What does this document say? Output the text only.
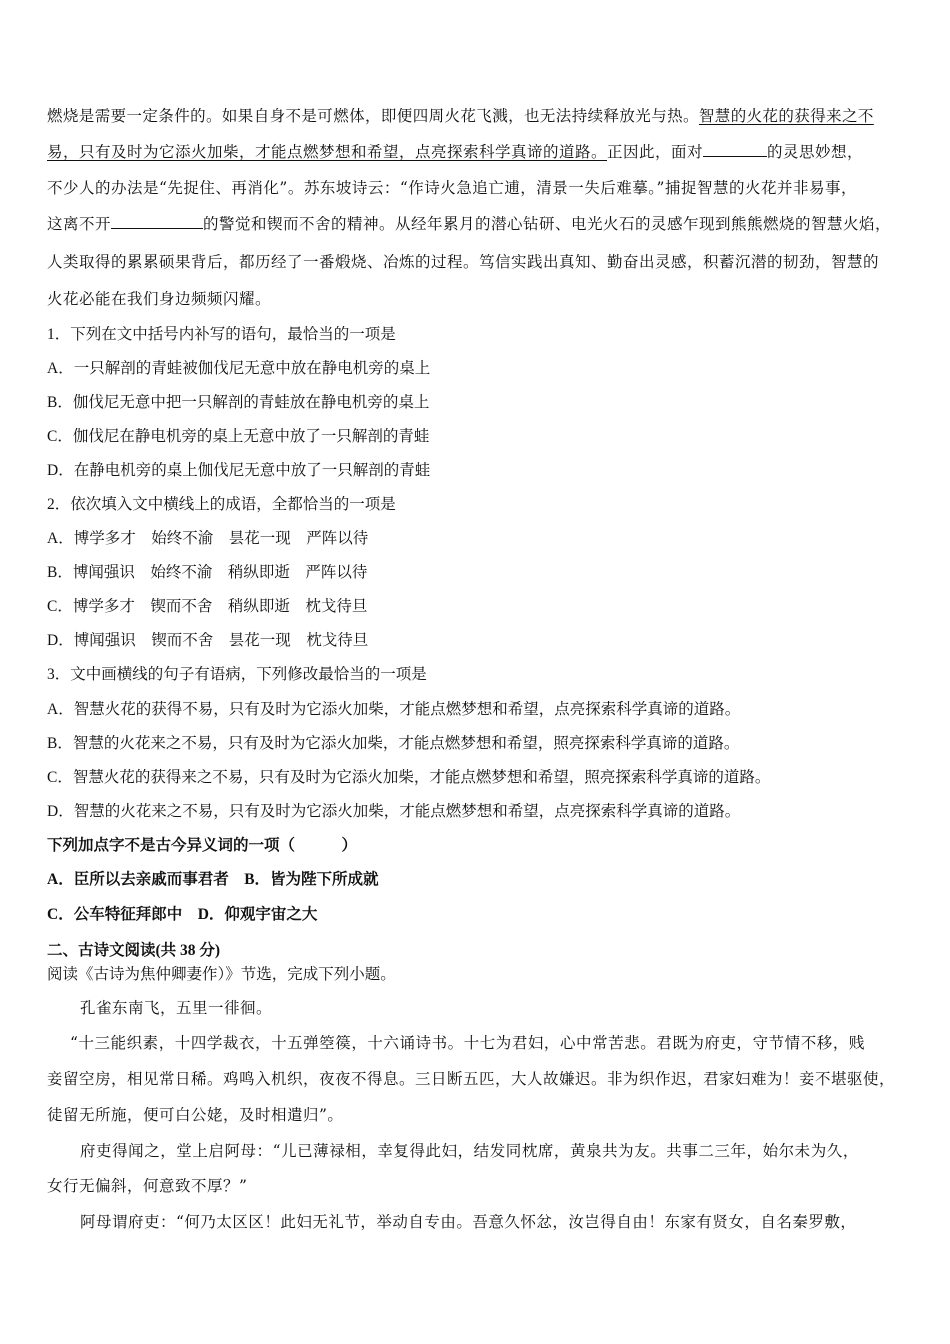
燃烧是需要一定条件的。如果自身不是可燃体，即便四周火花飞溅，也无法持续释放光与热。智慧的火花的获得来之不
易，只有及时为它添火加柴，才能点燃梦想和希望，点亮探索科学真谛的道路。正因此，面对	的灵思妙想，
不少人的办法是“先捉住、再消化”。苏东坡诗云：“作诗火急追亡逋，清景一失后难摹。”捕捉智慧的火花并非易事，
这离不开	的警觉和锲而不舍的精神。从经年累月的潜心钻研、电光火石的灵感乍现到熊熊燃烧的智慧火焰，
人类取得的累累硕果背后，都历经了一番煅烧、冶炼的过程。笃信实践出真知、勤奋出灵感，积蓄沉潜的韧劲，智慧的
火花必能在我们身边频频闪耀。
1．下列在文中括号内补写的语句，最恰当的一项是
A．一只解剖的青蛙被伽伐尼无意中放在静电机旁的桌上
B．伽伐尼无意中把一只解剖的青蛙放在静电机旁的桌上
C．伽伐尼在静电机旁的桌上无意中放了一只解剖的青蛙
D．在静电机旁的桌上伽伐尼无意中放了一只解剖的青蛙
2．依次填入文中横线上的成语，全都恰当的一项是
A．博学多才　始终不渝　昙花一现　严阵以待
B．博闻强识　始终不渝　稍纵即逝　严阵以待
C．博学多才　锲而不舍　稍纵即逝　枕戈待旦
D．博闻强识　锲而不舍　昙花一现　枕戈待旦
3．文中画横线的句子有语病，下列修改最恰当的一项是
A．智慧火花的获得不易，只有及时为它添火加柴，才能点燃梦想和希望，点亮探索科学真谛的道路。
B．智慧的火花来之不易，只有及时为它添火加柴，才能点燃梦想和希望，照亮探索科学真谛的道路。
C．智慧火花的获得来之不易，只有及时为它添火加柴，才能点燃梦想和希望，照亮探索科学真谛的道路。
D．智慧的火花来之不易，只有及时为它添火加柴，才能点燃梦想和希望，点亮探索科学真谛的道路。
下列加点字不是古今异义词的一项（　　　）
A．臣所以去亲戚而事君者　B．皆为陛下所成就
C．公车特征拜郎中　D．仰观宇宙之大
二、古诗文阅读(共 38 分)
阅读《古诗为焦仲卿妻作）》节选，完成下列小题。
孔雀东南飞，五里一徘徊。
“十三能织素，十四学裁衣，十五弹箜篌，十六诵诗书。十七为君妇，心中常苦悲。君既为府吏，守节情不移，贱
妾留空房，相见常日稀。鸡鸣入机织，夜夜不得息。三日断五匹，大人故嫌迟。非为织作迟，君家妇难为！妾不堪驱使，
徒留无所施，便可白公姥，及时相遣归”。
府吏得闻之，堂上启阿母：“儿已薄禄相，幸复得此妇，结发同枕席，黄泉共为友。共事二三年，始尔未为久，
女行无偏斜，何意致不厚？”
阿母谓府吏：“何乃太区区！此妇无礼节，举动自专由。吾意久怀忿，汝岂得自由！东家有贤女，自名秦罗敷，
